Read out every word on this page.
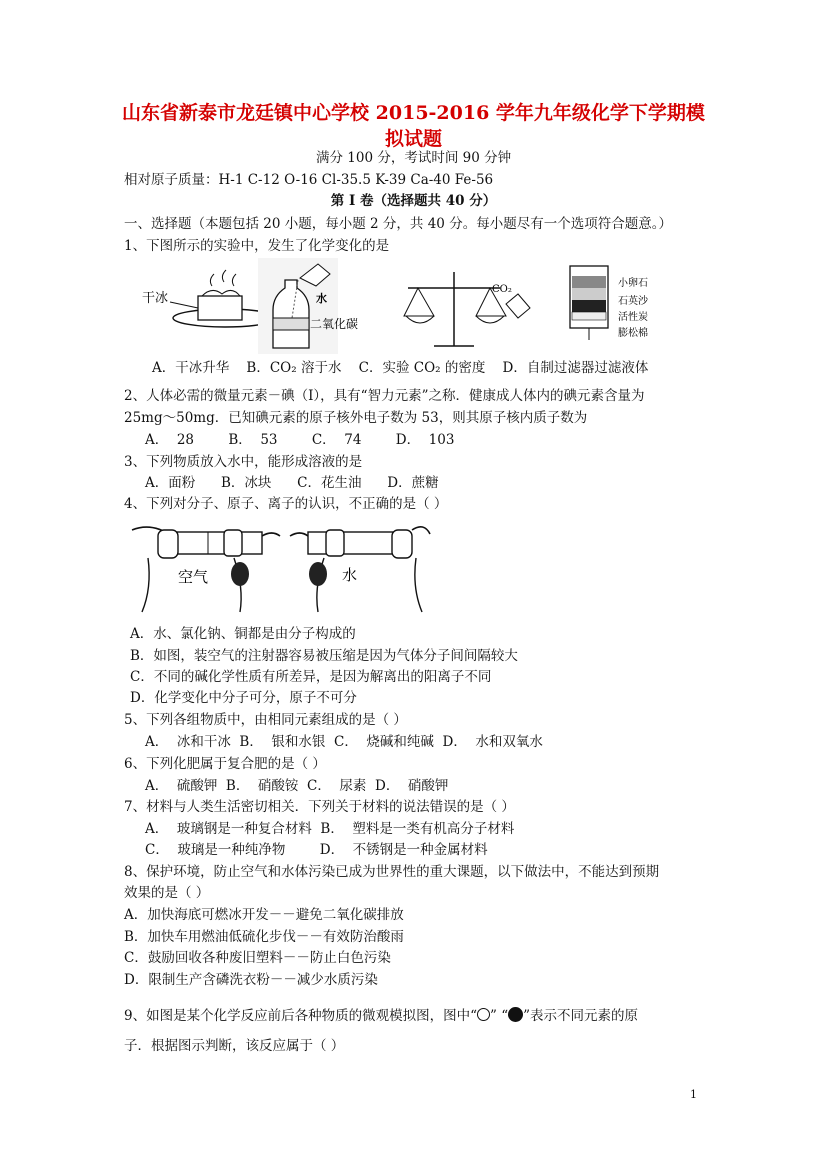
山东省新泰市龙廷镇中心学校 2015-2016 学年九年级化学下学期模
拟试题
满分 100 分，考试时间 90 分钟
相对原子质量：H-1 C-12 O-16 Cl-35.5 K-39 Ca-40 Fe-56
第 I 卷（选择题共 40 分）
一、选择题（本题包括 20 小题，每小题 2 分，共 40 分。每小题尽有一个选项符合题意。）
1、下图所示的实验中，发生了化学变化的是
干冰	水
二氧化碳
CO₂
小卵石
石英沙
活性炭
膨松棉
A．干冰升华 B．CO₂ 溶于水 C．实验 CO₂ 的密度 D．自制过滤器过滤液体
2、人体必需的微量元素－碘（I），具有“智力元素”之称．健康成人体内的碘元素含量为
25mg～50mg．已知碘元素的原子核外电子数为 53，则其原子核内质子数为
A．  28        B．  53        C．  74        D．  103
3、下列物质放入水中，能形成溶液的是
A．面粉      B．冰块      C．花生油      D．蔗糖
4、下列对分子、原子、离子的认识，不正确的是（ ）
空气	水
A．水、氯化钠、铜都是由分子构成的
B．如图，装空气的注射器容易被压缩是因为气体分子间间隔较大
C．不同的碱化学性质有所差异，是因为解离出的阳离子不同
D．化学变化中分子可分，原子不可分
5、下列各组物质中，由相同元素组成的是（ ）
A．  冰和干冰  B．  银和水银  C．  烧碱和纯碱  D．  水和双氧水
6、下列化肥属于复合肥的是（ ）
A．  硫酸钾  B．  硝酸铵  C．  尿素  D．  硝酸钾
7、材料与人类生活密切相关．下列关于材料的说法错误的是（ ）
A．  玻璃钢是一种复合材料  B．  塑料是一类有机高分子材料
C．  玻璃是一种纯净物        D．  不锈钢是一种金属材料
8、保护环境，防止空气和水体污染已成为世界性的重大课题，以下做法中，不能达到预期
效果的是（ ）
A．加快海底可燃冰开发－－避免二氧化碳排放
B．加快车用燃油低硫化步伐－－有效防治酸雨
C．鼓励回收各种废旧塑料－－防止白色污染
D．限制生产含磷洗衣粉－－减少水质污染
9、如图是某个化学反应前后各种物质的微观模拟图，图中“ ” “ ”表示不同元素的原
子．根据图示判断，该反应属于（ ）
1
